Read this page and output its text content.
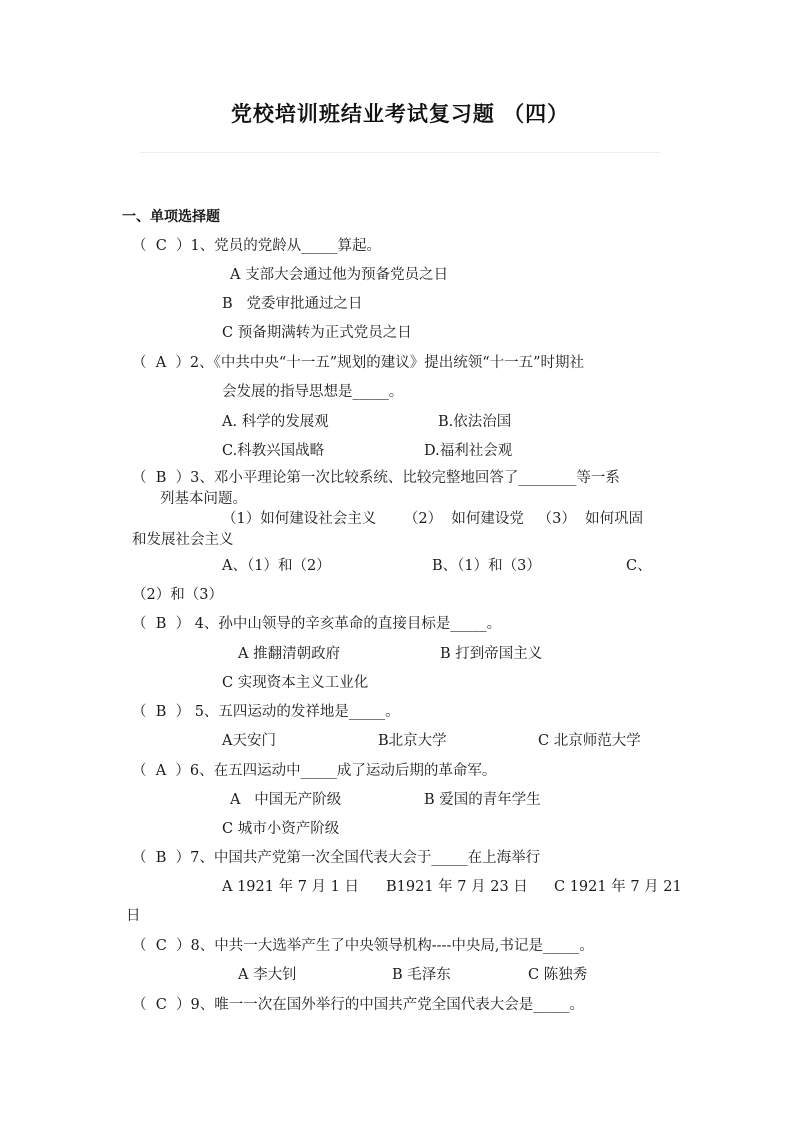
党校培训班结业考试复习题 （四）
一、单项选择题
（  C  ）1、党员的党龄从_____算起。
A 支部大会通过他为预备党员之日
B   党委审批通过之日
C 预备期满转为正式党员之日
（  A  ）2、《中共中央“十一五”规划的建议》提出统领“十一五”时期社
会发展的指导思想是_____。
A. 科学的发展观	B.依法治国
C.科教兴国战略	D.福利社会观
（  B  ）3、邓小平理论第一次比较系统、比较完整地回答了________等一系
列基本问题。
（1）如何建设社会主义      （2）  如何建设党   （3）  如何巩固
和发展社会主义
A、（1）和（2）	B、（1）和（3）	C、
（2）和（3）
（  B  ） 4、孙中山领导的辛亥革命的直接目标是_____。
A 推翻清朝政府	B 打到帝国主义
C 实现资本主义工业化
（  B  ） 5、五四运动的发祥地是_____。
A天安门	B北京大学	C 北京师范大学
（  A  ）6、在五四运动中_____成了运动后期的革命军。
A   中国无产阶级	B 爱国的青年学生
C 城市小资产阶级
（  B  ）7、中国共产党第一次全国代表大会于_____在上海举行
A 1921 年 7 月 1 日 B1921 年 7 月 23 日 C 1921 年 7 月 21
日
（  C  ）8、中共一大选举产生了中央领导机构----中央局,书记是_____。
A 李大钊	B 毛泽东	C 陈独秀
（  C  ）9、唯一一次在国外举行的中国共产党全国代表大会是_____。
